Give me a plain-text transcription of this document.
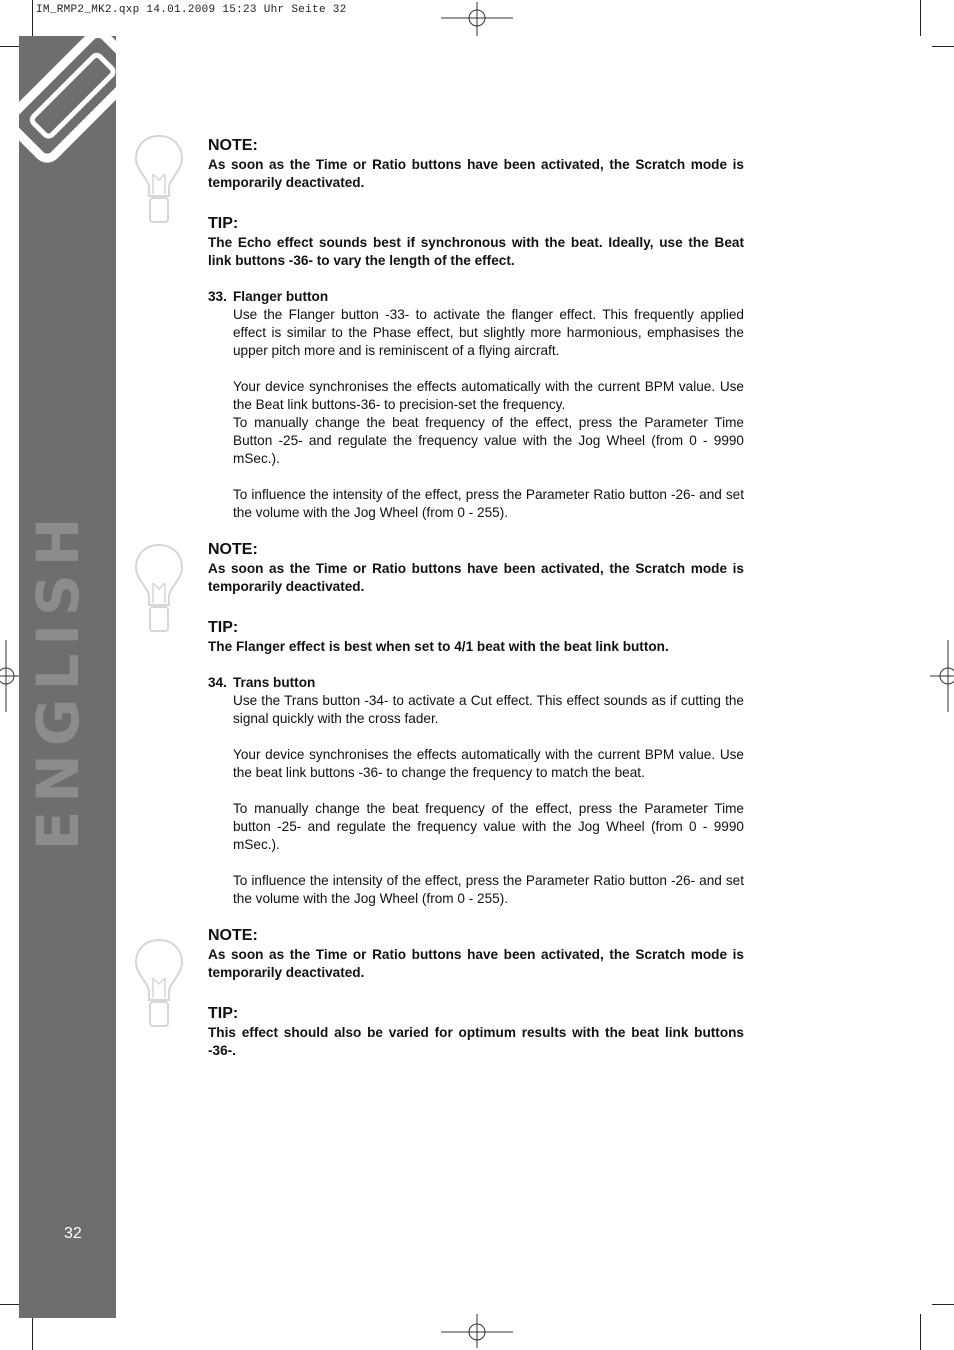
IM_RMP2_MK2.qxp 14.01.2009 15:23 Uhr Seite 32
ENGLISH
32

NOTE:

As soon as the Time or Ratio buttons have been activated, the Scratch mode is temporarily deactivated.

TIP:

The Echo effect sounds best if synchronous with the beat. Ideally, use the Beat link buttons -36- to vary the length of the effect.

33. Flanger button

Use the Flanger button -33- to activate the flanger effect. This frequently applied effect is similar to the Phase effect, but slightly more harmonious, emphasises the upper pitch more and is reminiscent of a flying aircraft.

Your device synchronises the effects automatically with the current BPM value. Use the Beat link buttons-36- to precision-set the frequency.

To manually change the beat frequency of the effect, press the Parameter Time Button -25- and regulate the frequency value with the Jog Wheel (from 0 - 9990 mSec.).

To influence the intensity of the effect, press the Parameter Ratio button -26- and set the volume with the Jog Wheel (from 0 - 255).

NOTE:

As soon as the Time or Ratio buttons have been activated, the Scratch mode is temporarily deactivated.

TIP:

The Flanger effect is best when set to 4/1 beat with the beat link button.

34. Trans button

Use the Trans button -34- to activate a Cut effect. This effect sounds as if cutting the signal quickly with the cross fader.

Your device synchronises the effects automatically with the current BPM value. Use the beat link buttons -36- to change the frequency to match the beat.

To manually change the beat frequency of the effect, press the Parameter Time button -25- and regulate the frequency value with the Jog Wheel (from 0 - 9990 mSec.).

To influence the intensity of the effect, press the Parameter Ratio button -26- and set the volume with the Jog Wheel (from 0 - 255).

NOTE:

As soon as the Time or Ratio buttons have been activated, the Scratch mode is temporarily deactivated.

TIP:

This effect should also be varied for optimum results with the beat link buttons -36-.
